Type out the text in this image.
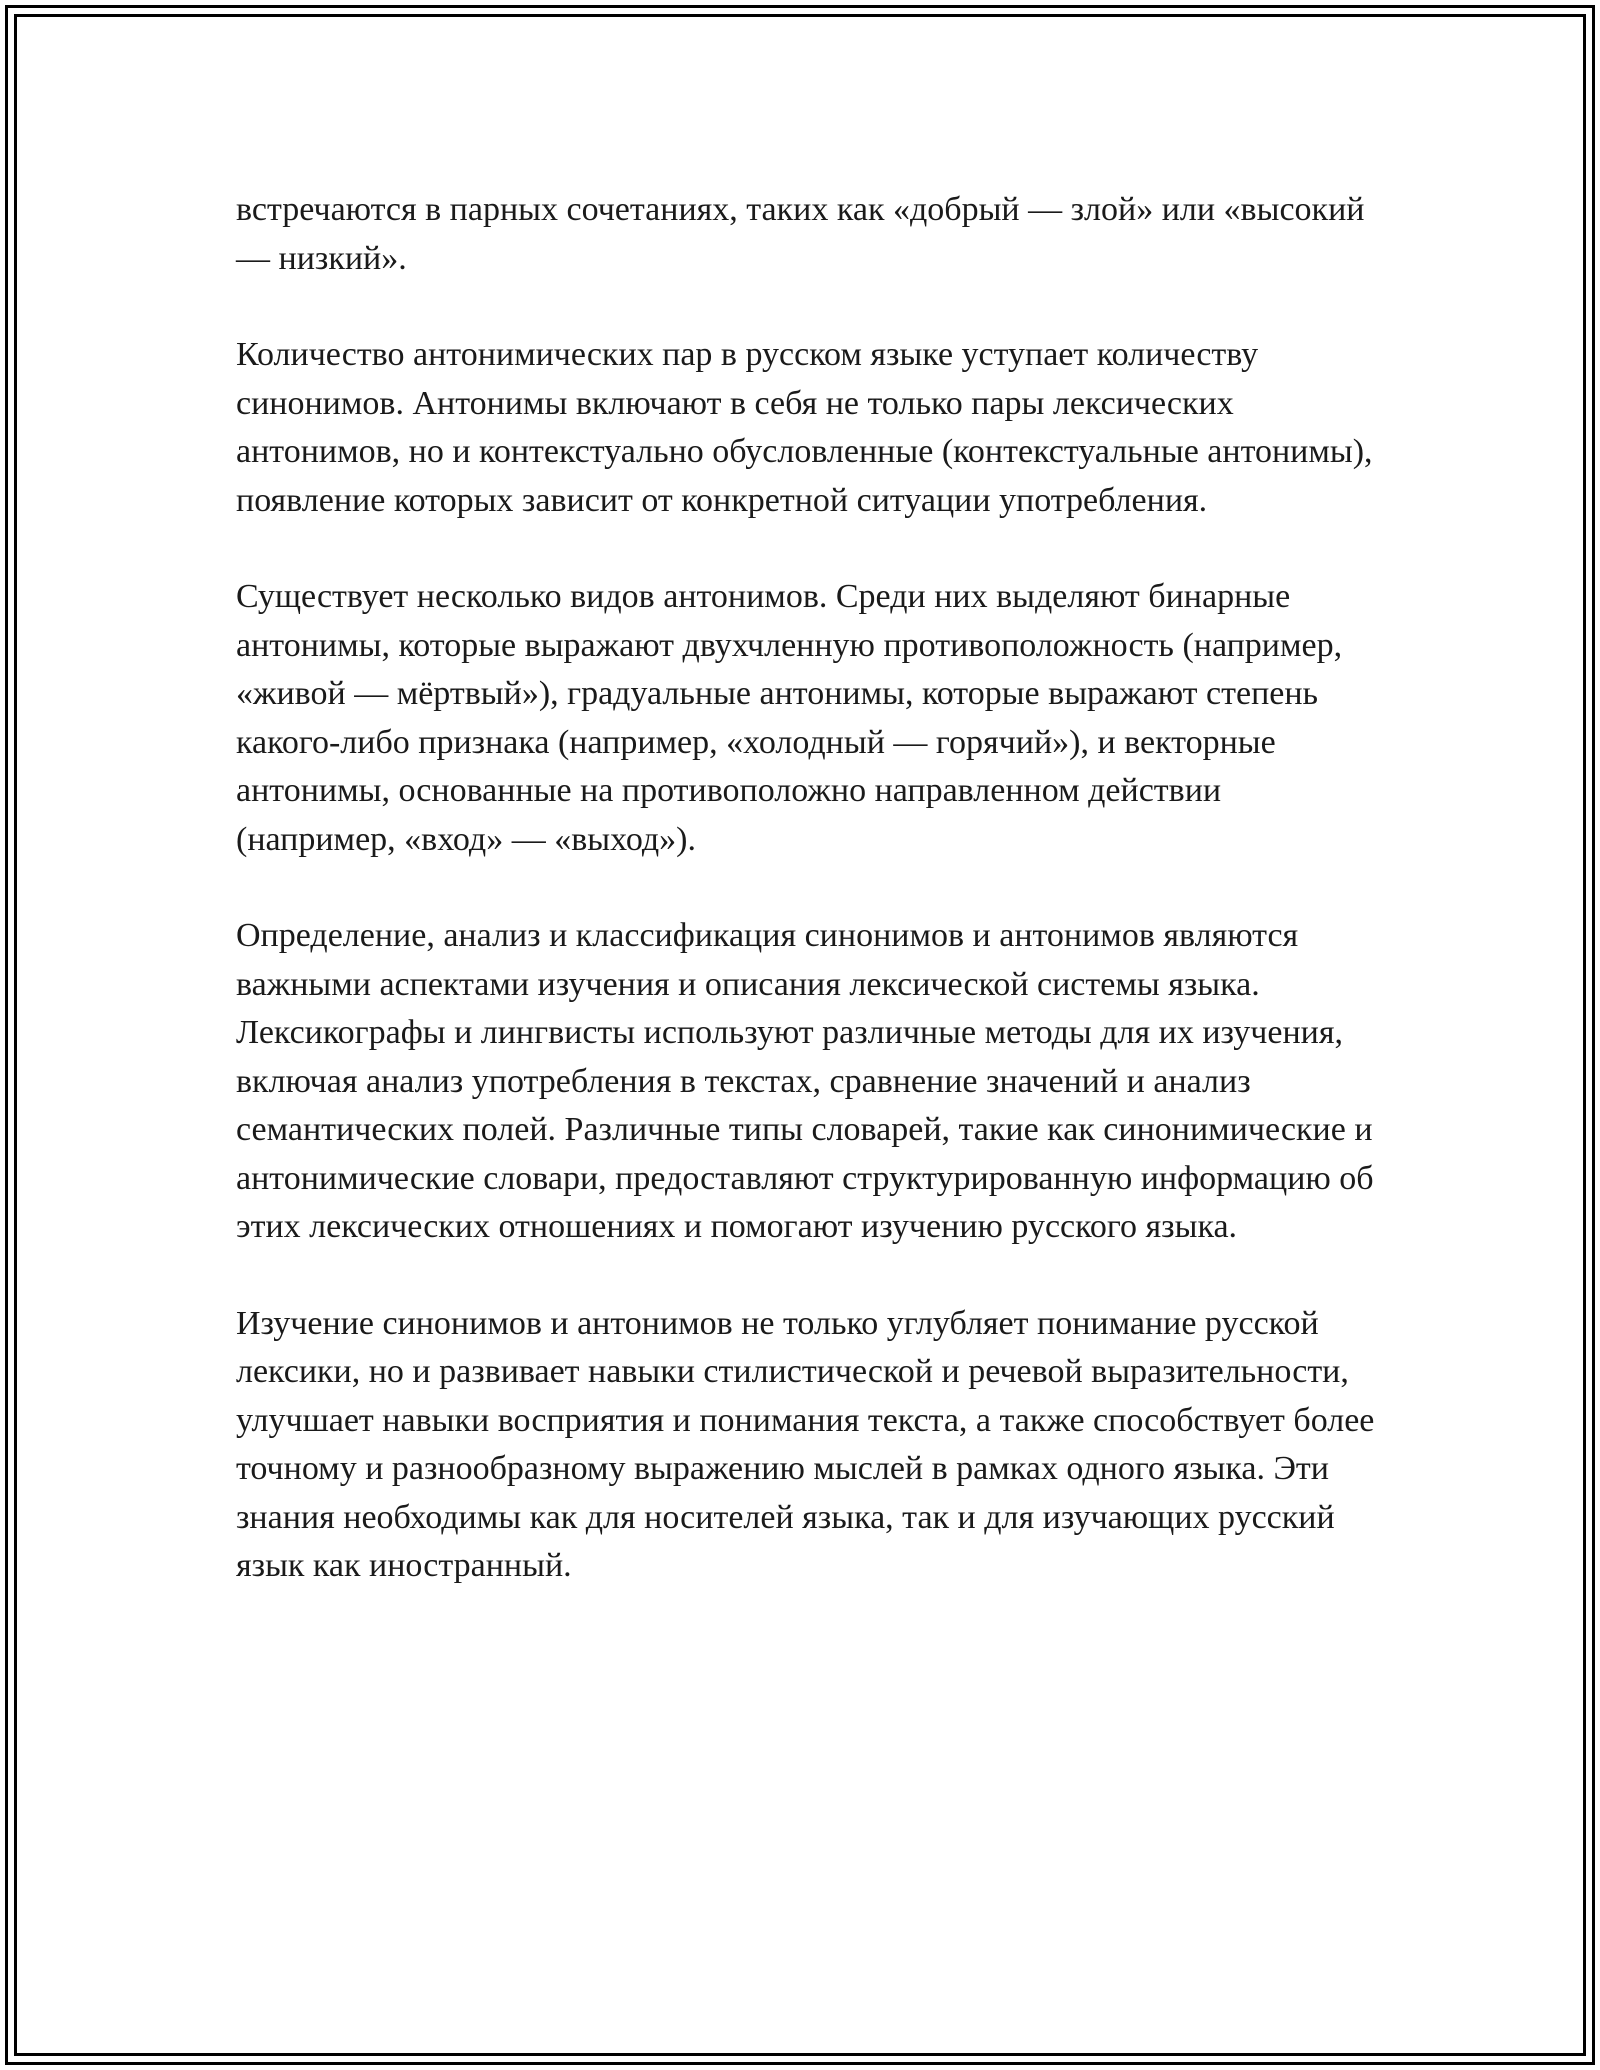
встречаются в парных сочетаниях, таких как «добрый — злой» или «высокий — низкий».

Количество антонимических пар в русском языке уступает количеству синонимов. Антонимы включают в себя не только пары лексических антонимов, но и контекстуально обусловленные (контекстуальные антонимы), появление которых зависит от конкретной ситуации употребления.

Существует несколько видов антонимов. Среди них выделяют бинарные антонимы, которые выражают двухчленную противоположность (например, «живой — мёртвый»), градуальные антонимы, которые выражают степень какого-либо признака (например, «холодный — горячий»), и векторные антонимы, основанные на противоположно направленном действии (например, «вход» — «выход»).

Определение, анализ и классификация синонимов и антонимов являются важными аспектами изучения и описания лексической системы языка. Лексикографы и лингвисты используют различные методы для их изучения, включая анализ употребления в текстах, сравнение значений и анализ семантических полей. Различные типы словарей, такие как синонимические и антонимические словари, предоставляют структурированную информацию об этих лексических отношениях и помогают изучению русского языка.

Изучение синонимов и антонимов не только углубляет понимание русской лексики, но и развивает навыки стилистической и речевой выразительности, улучшает навыки восприятия и понимания текста, а также способствует более точному и разнообразному выражению мыслей в рамках одного языка. Эти знания необходимы как для носителей языка, так и для изучающих русский язык как иностранный.
